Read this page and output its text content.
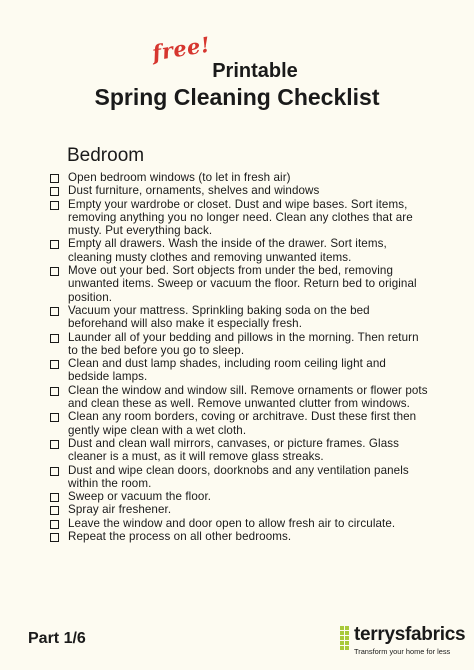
free!
Printable
Spring Cleaning Checklist
Bedroom
Open bedroom windows (to let in fresh air)
Dust furniture, ornaments, shelves and windows
Empty your wardrobe or closet. Dust and wipe bases. Sort items, removing anything you no longer need. Clean any clothes that are musty. Put everything back.
Empty all drawers. Wash the inside of the drawer. Sort items, cleaning musty clothes and removing unwanted items.
Move out your bed. Sort objects from under the bed, removing unwanted items. Sweep or vacuum the floor. Return bed to original position.
Vacuum your mattress. Sprinkling baking soda on the bed beforehand will also make it especially fresh.
Launder all of your bedding and pillows in the morning. Then return to the bed before you go to sleep.
Clean and dust lamp shades, including room ceiling light and bedside lamps.
Clean the window and window sill. Remove ornaments or flower pots and clean these as well. Remove unwanted clutter from windows.
Clean any room borders, coving or architrave. Dust these first then gently wipe clean with a wet cloth.
Dust and clean wall mirrors, canvases, or picture frames. Glass cleaner is a must, as it will remove glass streaks.
Dust and wipe clean doors, doorknobs and any ventilation panels within the room.
Sweep or vacuum the floor.
Spray air freshener.
Leave the window and door open to allow fresh air to circulate.
Repeat the process on all other bedrooms.
Part 1/6	terrysfabrics
Transform your home for less
